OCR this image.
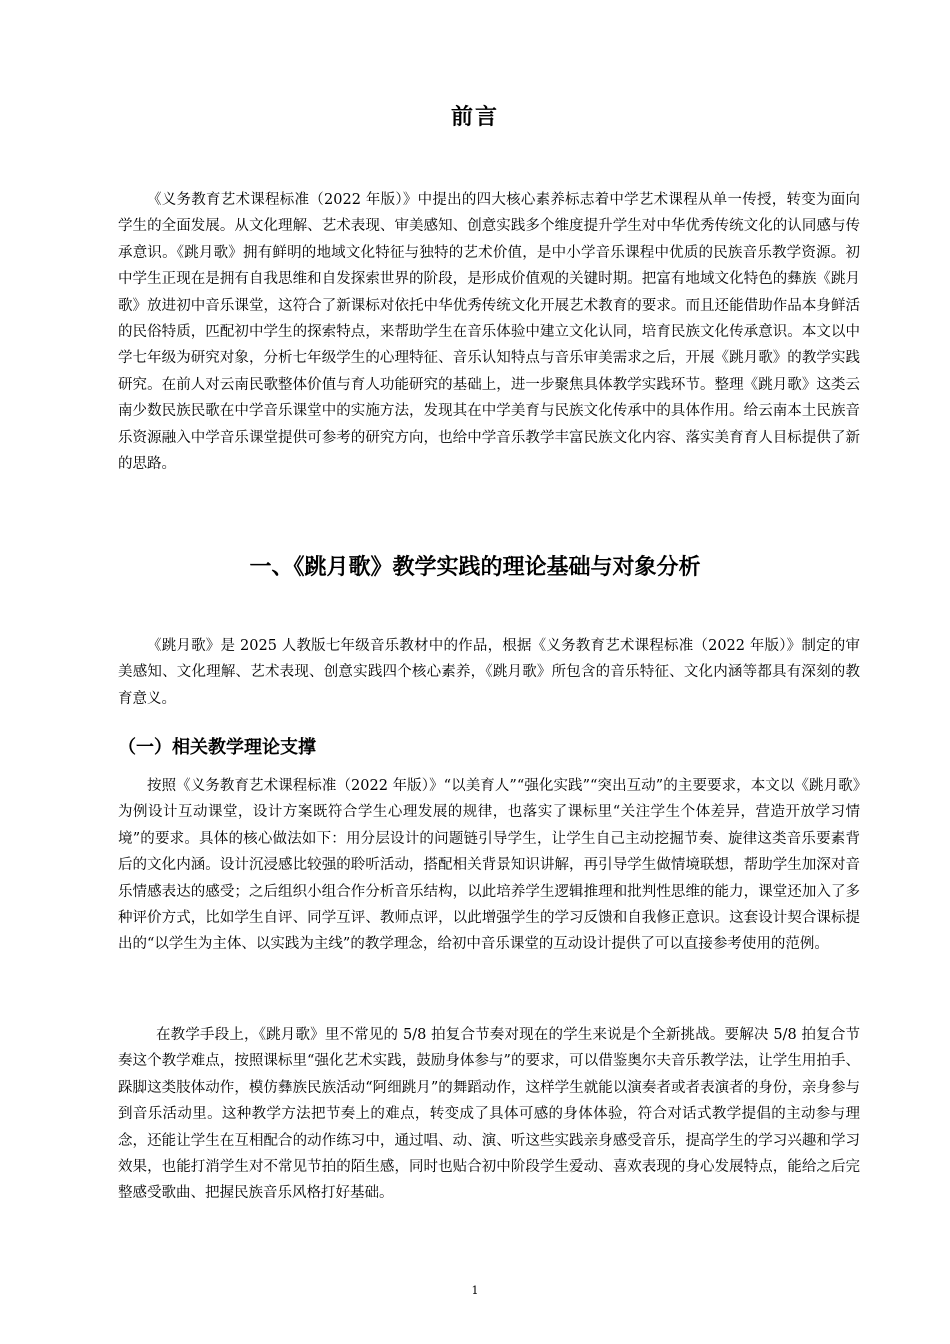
前言

《义务教育艺术课程标准（2022 年版）》中提出的四大核心素养标志着中学艺术课程从单一传授，转变为面向学生的全面发展。从文化理解、艺术表现、审美感知、创意实践多个维度提升学生对中华优秀传统文化的认同感与传承意识。《跳月歌》拥有鲜明的地域文化特征与独特的艺术价值，是中小学音乐课程中优质的民族音乐教学资源。初中学生正现在是拥有自我思维和自发探索世界的阶段，是形成价值观的关键时期。把富有地域文化特色的彝族《跳月歌》放进初中音乐课堂，这符合了新课标对依托中华优秀传统文化开展艺术教育的要求。而且还能借助作品本身鲜活的民俗特质，匹配初中学生的探索特点，来帮助学生在音乐体验中建立文化认同，培育民族文化传承意识。本文以中学七年级为研究对象，分析七年级学生的心理特征、音乐认知特点与音乐审美需求之后，开展《跳月歌》的教学实践研究。在前人对云南民歌整体价值与育人功能研究的基础上，进一步聚焦具体教学实践环节。整理《跳月歌》这类云南少数民族民歌在中学音乐课堂中的实施方法，发现其在中学美育与民族文化传承中的具体作用。给云南本土民族音乐资源融入中学音乐课堂提供可参考的研究方向，也给中学音乐教学丰富民族文化内容、落实美育育人目标提供了新的思路。

一、《跳月歌》教学实践的理论基础与对象分析

《跳月歌》是 2025 人教版七年级音乐教材中的作品，根据《义务教育艺术课程标准（2022 年版）》制定的审美感知、文化理解、艺术表现、创意实践四个核心素养，《跳月歌》所包含的音乐特征、文化内涵等都具有深刻的教育意义。

（一）相关教学理论支撑

按照《义务教育艺术课程标准（2022 年版）》“以美育人”“强化实践”“突出互动”的主要要求，本文以《跳月歌》为例设计互动课堂，设计方案既符合学生心理发展的规律，也落实了课标里“关注学生个体差异，营造开放学习情境”的要求。具体的核心做法如下：用分层设计的问题链引导学生，让学生自己主动挖掘节奏、旋律这类音乐要素背后的文化内涵。设计沉浸感比较强的聆听活动，搭配相关背景知识讲解，再引导学生做情境联想，帮助学生加深对音乐情感表达的感受；之后组织小组合作分析音乐结构，以此培养学生逻辑推理和批判性思维的能力，课堂还加入了多种评价方式，比如学生自评、同学互评、教师点评，以此增强学生的学习反馈和自我修正意识。这套设计契合课标提出的“以学生为主体、以实践为主线”的教学理念，给初中音乐课堂的互动设计提供了可以直接参考使用的范例。

在教学手段上，《跳月歌》里不常见的 5/8 拍复合节奏对现在的学生来说是个全新挑战。要解决 5/8 拍复合节奏这个教学难点，按照课标里“强化艺术实践，鼓励身体参与”的要求，可以借鉴奥尔夫音乐教学法，让学生用拍手、跺脚这类肢体动作，模仿彝族民族活动“阿细跳月”的舞蹈动作，这样学生就能以演奏者或者表演者的身份，亲身参与到音乐活动里。这种教学方法把节奏上的难点，转变成了具体可感的身体体验，符合对话式教学提倡的主动参与理念，还能让学生在互相配合的动作练习中，通过唱、动、演、听这些实践亲身感受音乐，提高学生的学习兴趣和学习效果，也能打消学生对不常见节拍的陌生感，同时也贴合初中阶段学生爱动、喜欢表现的身心发展特点，能给之后完整感受歌曲、把握民族音乐风格打好基础。

1
